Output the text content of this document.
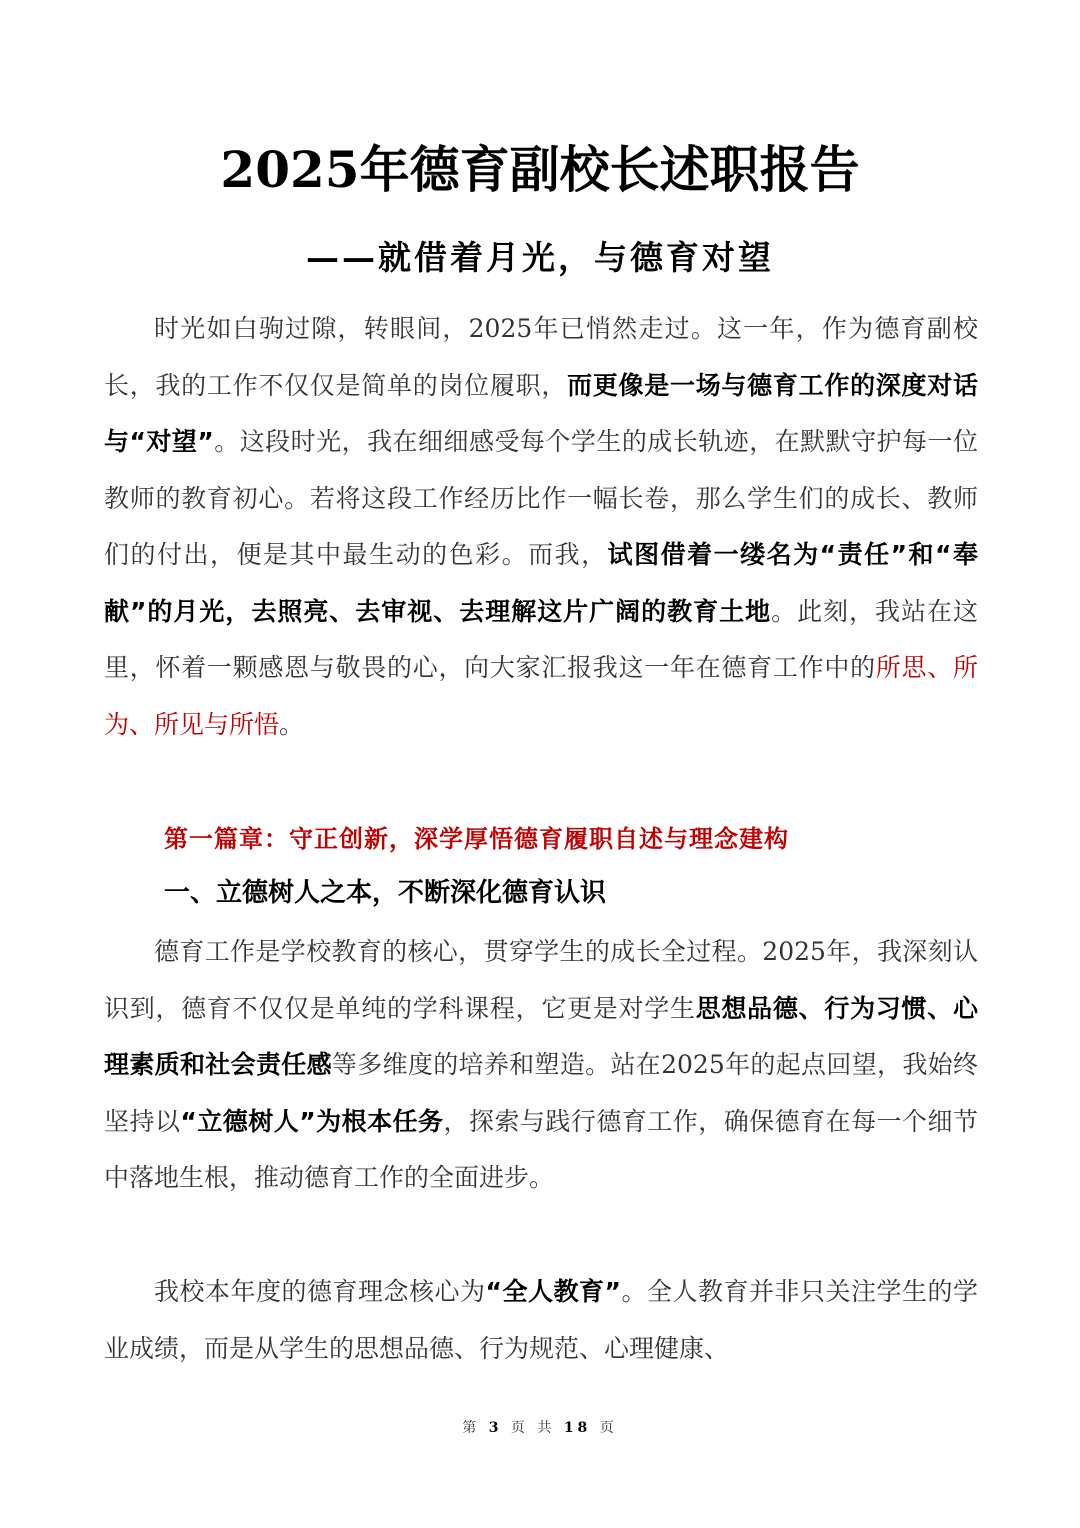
2025年德育副校长述职报告
——就借着月光，与德育对望

时光如白驹过隙，转眼间，2025年已悄然走过。这一年，作为德育副校长，我的工作不仅仅是简单的岗位履职，而更像是一场与德育工作的深度对话与“对望”。这段时光，我在细细感受每个学生的成长轨迹，在默默守护每一位教师的教育初心。若将这段工作经历比作一幅长卷，那么学生们的成长、教师们的付出，便是其中最生动的色彩。而我，试图借着一缕名为“责任”和“奉献”的月光，去照亮、去审视、去理解这片广阔的教育土地。此刻，我站在这里，怀着一颗感恩与敬畏的心，向大家汇报我这一年在德育工作中的所思、所为、所见与所悟。

第一篇章：守正创新，深学厚悟德育履职自述与理念建构
一、立德树人之本，不断深化德育认识

德育工作是学校教育的核心，贯穿学生的成长全过程。2025年，我深刻认识到，德育不仅仅是单纯的学科课程，它更是对学生思想品德、行为习惯、心理素质和社会责任感等多维度的培养和塑造。站在2025年的起点回望，我始终坚持以“立德树人”为根本任务，探索与践行德育工作，确保德育在每一个细节中落地生根，推动德育工作的全面进步。

我校本年度的德育理念核心为“全人教育”。全人教育并非只关注学生的学业成绩，而是从学生的思想品德、行为规范、心理健康、

第 3 页 共 18 页
